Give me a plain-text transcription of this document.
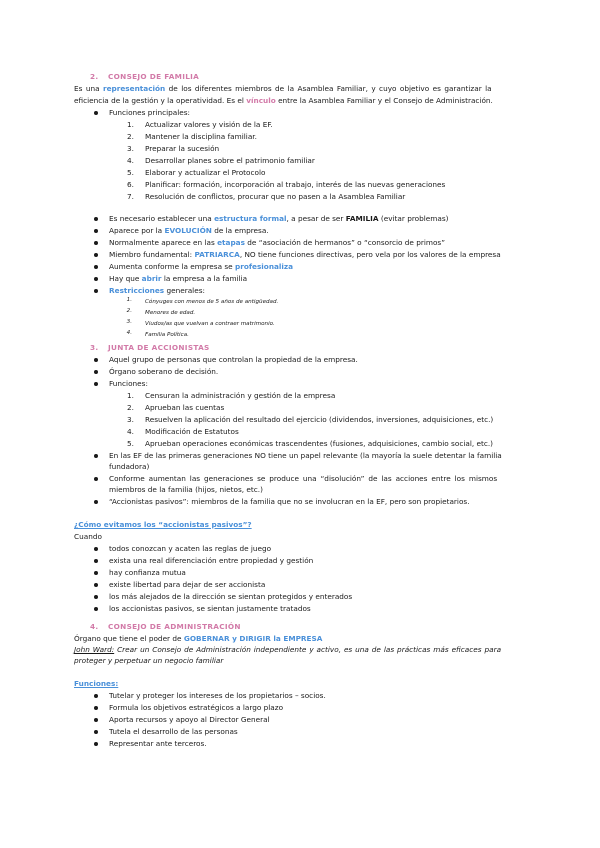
2. CONSEJO DE FAMILIA
Es una representación de los diferentes miembros de la Asamblea Familiar, y cuyo objetivo es garantizar la
eficiencia de la gestión y la operatividad. Es el vínculo entre la Asamblea Familiar y el Consejo de Administración.
Funciones principales:
1. Actualizar valores y visión de la EF.
2. Mantener la disciplina familiar.
3. Preparar la sucesión
4. Desarrollar planes sobre el patrimonio familiar
5. Elaborar y actualizar el Protocolo
6. Planificar: formación, incorporación al trabajo, interés de las nuevas generaciones
7. Resolución de conflictos, procurar que no pasen a la Asamblea Familiar
Es necesario establecer una estructura formal, a pesar de ser FAMILIA (evitar problemas)
Aparece por la EVOLUCIÓN de la empresa.
Normalmente aparece en las etapas de “asociación de hermanos” o “consorcio de primos”
Miembro fundamental: PATRIARCA, NO tiene funciones directivas, pero vela por los valores de la empresa
Aumenta conforme la empresa se profesionaliza
Hay que abrir la empresa a la familia
Restricciones generales:
1. Cónyuges con menos de 5 años de antigüedad.
2. Menores de edad.
3. Viudos/as que vuelvan a contraer matrimonio.
4. Familia Política.
3. JUNTA DE ACCIONISTAS
Aquel grupo de personas que controlan la propiedad de la empresa.
Órgano soberano de decisión.
Funciones:
1. Censuran la administración y gestión de la empresa
2. Aprueban las cuentas
3. Resuelven la aplicación del resultado del ejercicio (dividendos, inversiones, adquisiciones, etc.)
4. Modificación de Estatutos
5. Aprueban operaciones económicas trascendentes (fusiones, adquisiciones, cambio social, etc.)
En las EF de las primeras generaciones NO tiene un papel relevante (la mayoría la suele detentar la familia
fundadora)
Conforme aumentan las generaciones se produce una “disolución” de las acciones entre los mismos
miembros de la familia (hijos, nietos, etc.)
“Accionistas pasivos”: miembros de la familia que no se involucran en la EF, pero son propietarios.
¿Cómo evitamos los “accionistas pasivos”?
Cuando
todos conozcan y acaten las reglas de juego
exista una real diferenciación entre propiedad y gestión
hay confianza mutua
existe libertad para dejar de ser accionista
los más alejados de la dirección se sientan protegidos y enterados
los accionistas pasivos, se sientan justamente tratados
4. CONSEJO DE ADMINISTRACIÓN
Órgano que tiene el poder de GOBERNAR y DIRIGIR la EMPRESA
John Ward: Crear un Consejo de Administración independiente y activo, es una de las prácticas más eficaces para
proteger y perpetuar un negocio familiar
Funciones:
Tutelar y proteger los intereses de los propietarios – socios.
Formula los objetivos estratégicos a largo plazo
Aporta recursos y apoyo al Director General
Tutela el desarrollo de las personas
Representar ante terceros.
